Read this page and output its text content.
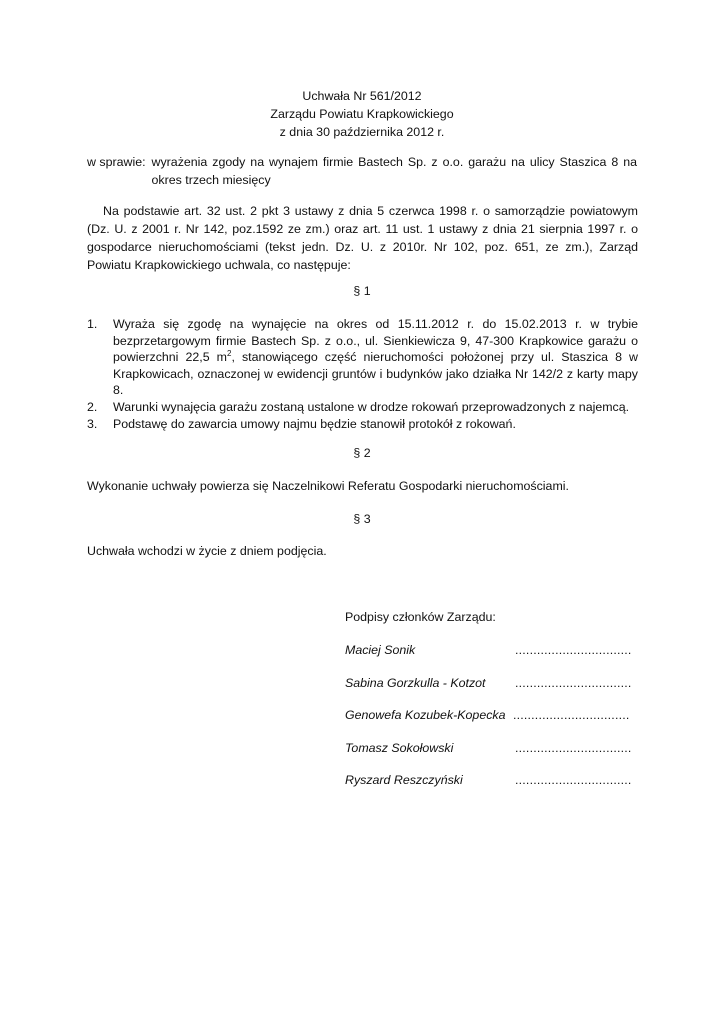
Uchwała Nr 561/2012
Zarządu Powiatu Krapkowickiego
z dnia 30 października 2012 r.
w sprawie: wyrażenia zgody na wynajem firmie Bastech Sp. z o.o. garażu na ulicy Staszica 8 na okres trzech miesięcy
Na podstawie art. 32 ust. 2 pkt 3 ustawy z dnia 5 czerwca 1998 r. o samorządzie powiatowym (Dz. U. z 2001 r. Nr 142, poz.1592 ze zm.) oraz art. 11 ust. 1 ustawy z dnia 21 sierpnia 1997 r. o gospodarce nieruchomościami (tekst jedn. Dz. U. z 2010r. Nr 102, poz. 651, ze zm.), Zarząd Powiatu Krapkowickiego uchwala, co następuje:
§ 1
1.	Wyraża się zgodę na wynajęcie na okres od 15.11.2012 r. do 15.02.2013 r. w trybie bezprzetargowym firmie Bastech Sp. z o.o., ul. Sienkiewicza 9, 47-300 Krapkowice garażu o powierzchni 22,5 $m^2$, stanowiącego część nieruchomości położonej przy ul. Staszica 8 w Krapkowicach, oznaczonej w ewidencji gruntów i budynków jako działka Nr 142/2 z karty mapy 8.
2.	Warunki wynajęcia garażu zostaną ustalone w drodze rokowań przeprowadzonych z najemcą.
3.	Podstawę do zawarcia umowy najmu będzie stanowił protokół z rokowań.
§ 2
Wykonanie uchwały powierza się Naczelnikowi Referatu Gospodarki nieruchomościami.
§ 3
Uchwała wchodzi w życie z dniem podjęcia.
Podpisy członków Zarządu:
Maciej Sonik	................................
Sabina Gorzkulla - Kotzot ................................
Genowefa Kozubek-Kopecka ................................
Tomasz Sokołowski	................................
Ryszard Reszczyński	................................
